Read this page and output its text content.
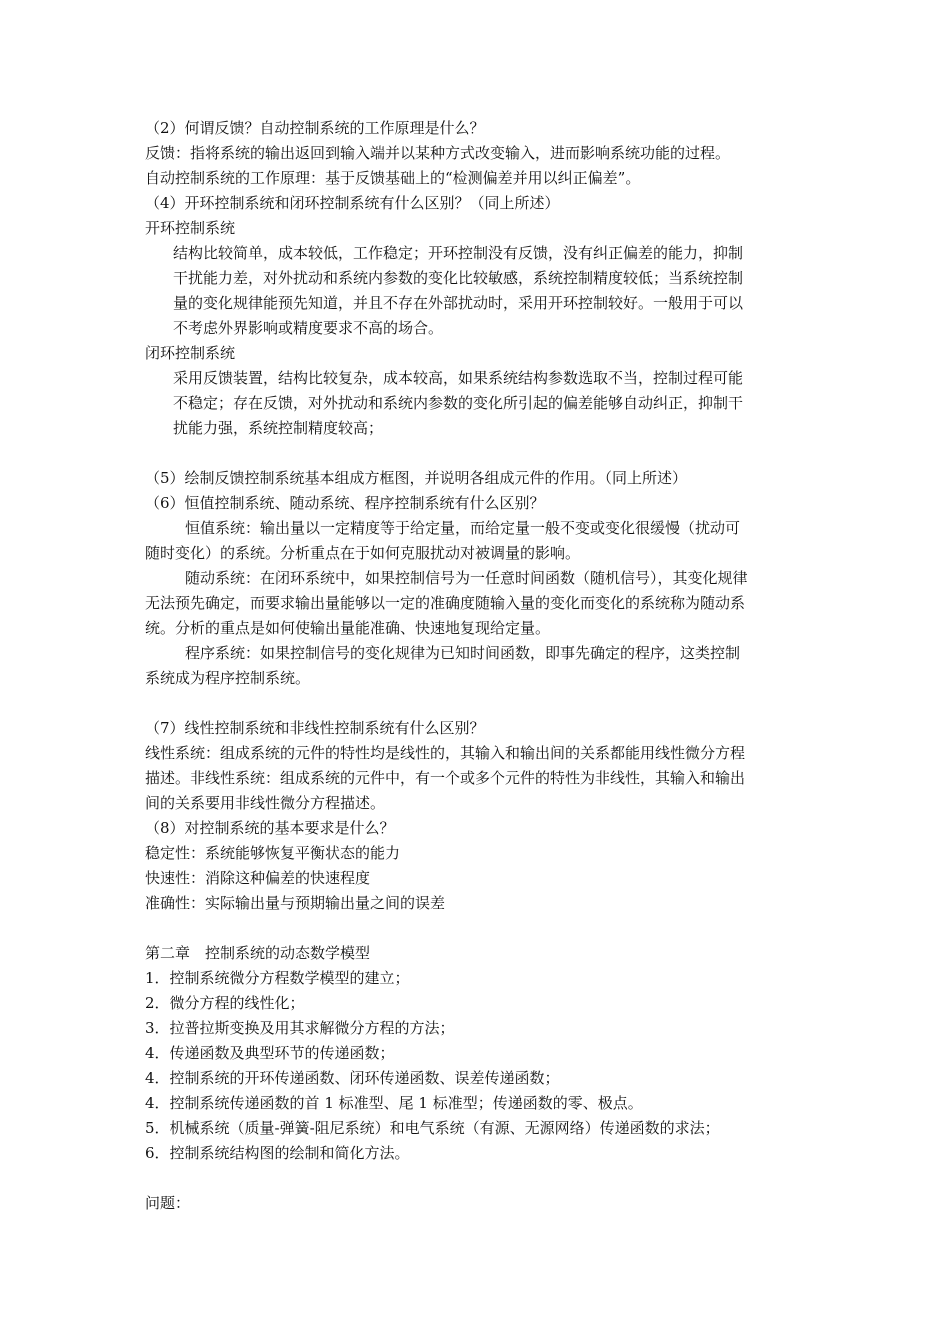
（2）何谓反馈？自动控制系统的工作原理是什么？
反馈：指将系统的输出返回到输入端并以某种方式改变输入，进而影响系统功能的过程。
自动控制系统的工作原理：基于反馈基础上的“检测偏差并用以纠正偏差”。
（4）开环控制系统和闭环控制系统有什么区别？（同上所述）
开环控制系统
结构比较简单，成本较低，工作稳定；开环控制没有反馈，没有纠正偏差的能力，抑制
干扰能力差，对外扰动和系统内参数的变化比较敏感，系统控制精度较低；当系统控制
量的变化规律能预先知道，并且不存在外部扰动时，采用开环控制较好。一般用于可以
不考虑外界影响或精度要求不高的场合。
闭环控制系统
采用反馈装置，结构比较复杂，成本较高，如果系统结构参数选取不当，控制过程可能
不稳定；存在反馈，对外扰动和系统内参数的变化所引起的偏差能够自动纠正，抑制干
扰能力强，系统控制精度较高；
（5）绘制反馈控制系统基本组成方框图，并说明各组成元件的作用。（同上所述）
（6）恒值控制系统、随动系统、程序控制系统有什么区别？
恒值系统：输出量以一定精度等于给定量，而给定量一般不变或变化很缓慢（扰动可
随时变化）的系统。分析重点在于如何克服扰动对被调量的影响。
随动系统：在闭环系统中，如果控制信号为一任意时间函数（随机信号），其变化规律
无法预先确定，而要求输出量能够以一定的准确度随输入量的变化而变化的系统称为随动系
统。分析的重点是如何使输出量能准确、快速地复现给定量。
程序系统：如果控制信号的变化规律为已知时间函数，即事先确定的程序，这类控制
系统成为程序控制系统。
（7）线性控制系统和非线性控制系统有什么区别？
线性系统：组成系统的元件的特性均是线性的，其输入和输出间的关系都能用线性微分方程
描述。非线性系统：组成系统的元件中，有一个或多个元件的特性为非线性，其输入和输出
间的关系要用非线性微分方程描述。
（8）对控制系统的基本要求是什么？
稳定性：系统能够恢复平衡状态的能力
快速性：消除这种偏差的快速程度
准确性：实际输出量与预期输出量之间的误差
第二章　控制系统的动态数学模型
1．控制系统微分方程数学模型的建立；
2．微分方程的线性化；
3．拉普拉斯变换及用其求解微分方程的方法；
4．传递函数及典型环节的传递函数；
4．控制系统的开环传递函数、闭环传递函数、误差传递函数；
4．控制系统传递函数的首 1 标准型、尾 1 标准型；传递函数的零、极点。
5．机械系统（质量-弹簧-阻尼系统）和电气系统（有源、无源网络）传递函数的求法；
6．控制系统结构图的绘制和简化方法。
问题：
